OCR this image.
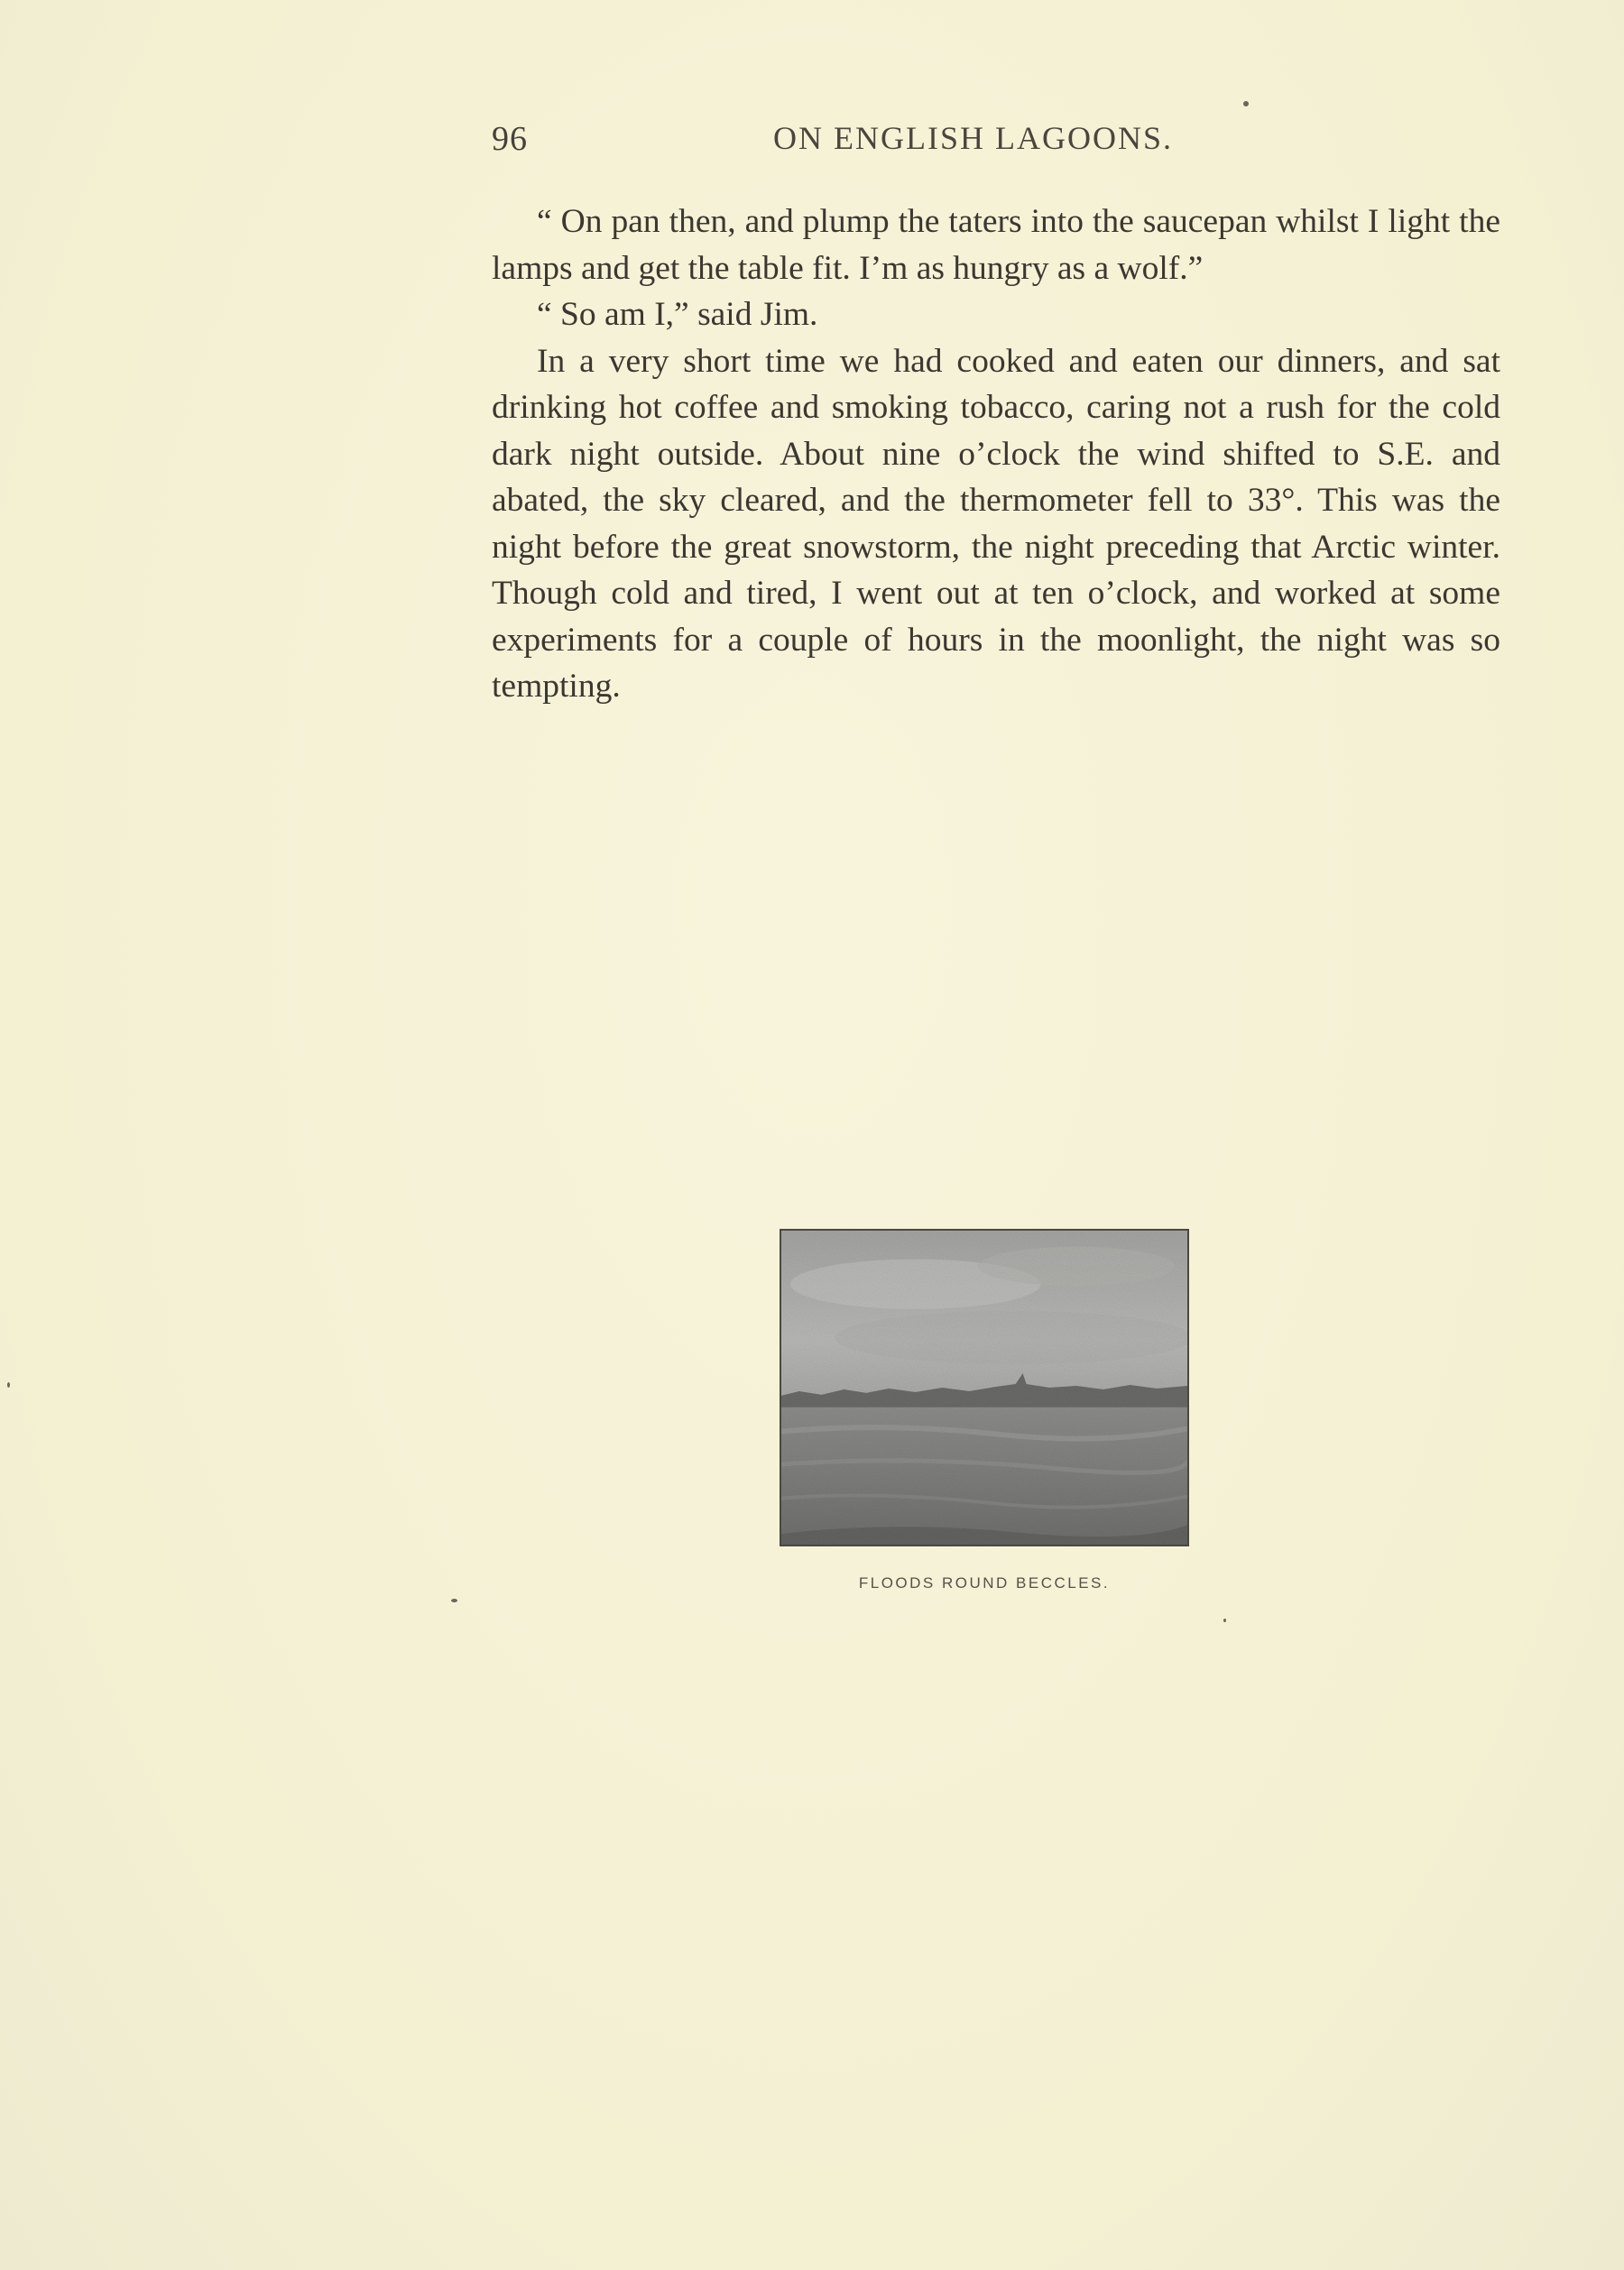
96	ON ENGLISH LAGOONS.

“ On pan then, and plump the taters into the saucepan whilst I light the lamps and get the table fit. I’m as hungry as a wolf.”

“ So am I,” said Jim.

In a very short time we had cooked and eaten our dinners, and sat drinking hot coffee and smoking tobacco, caring not a rush for the cold dark night outside. About nine o’clock the wind shifted to S.E. and abated, the sky cleared, and the thermometer fell to 33°. This was the night before the great snowstorm, the night preceding that Arctic winter. Though cold and tired, I went out at ten o’clock, and worked at some experiments for a couple of hours in the moonlight, the night was so tempting.

FLOODS ROUND BECCLES.
